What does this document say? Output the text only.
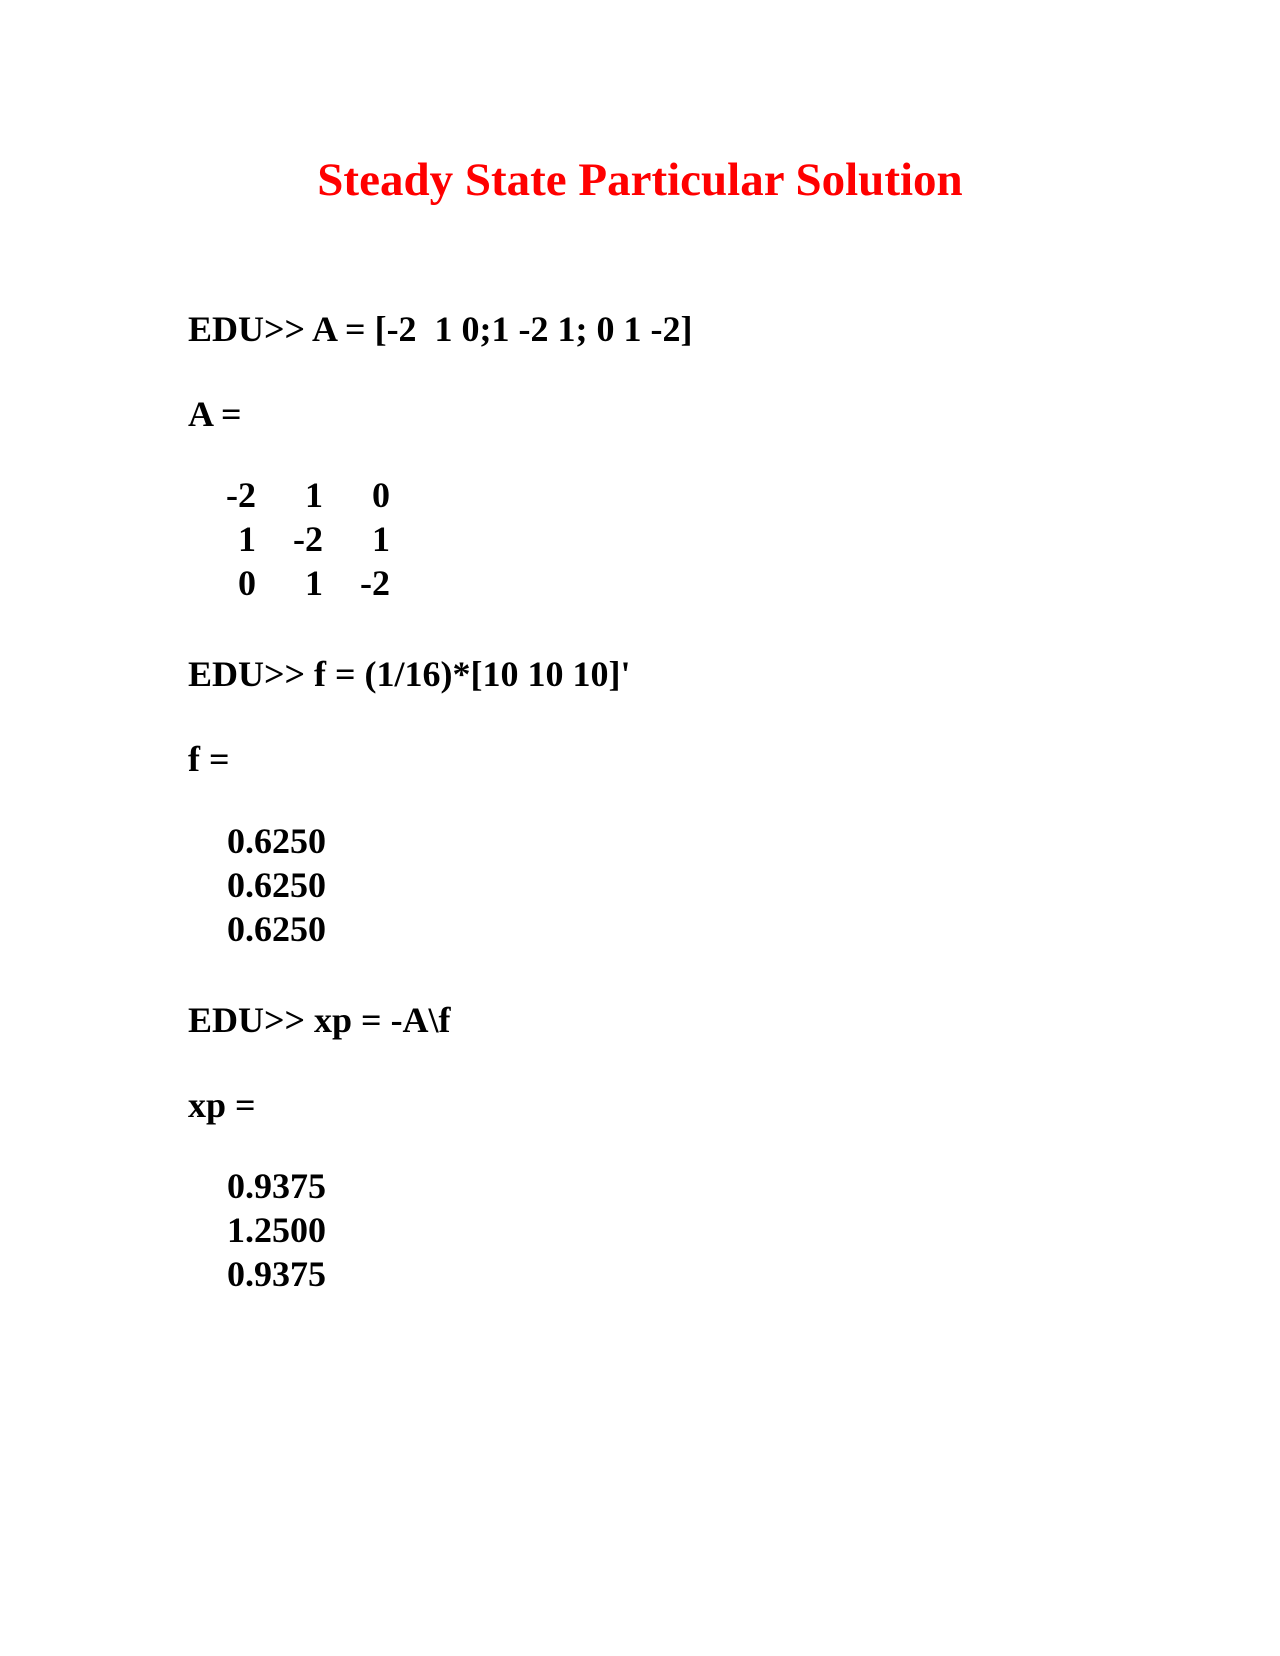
Steady State Particular Solution
EDU>> A = [-2  1 0;1 -2 1; 0 1 -2]
A =
-2 1 0
1 -2 1
0 1 -2
EDU>> f = (1/16)*[10 10 10]'
f =
0.6250
0.6250
0.6250
EDU>> xp = -A\f
xp =
0.9375
1.2500
0.9375
